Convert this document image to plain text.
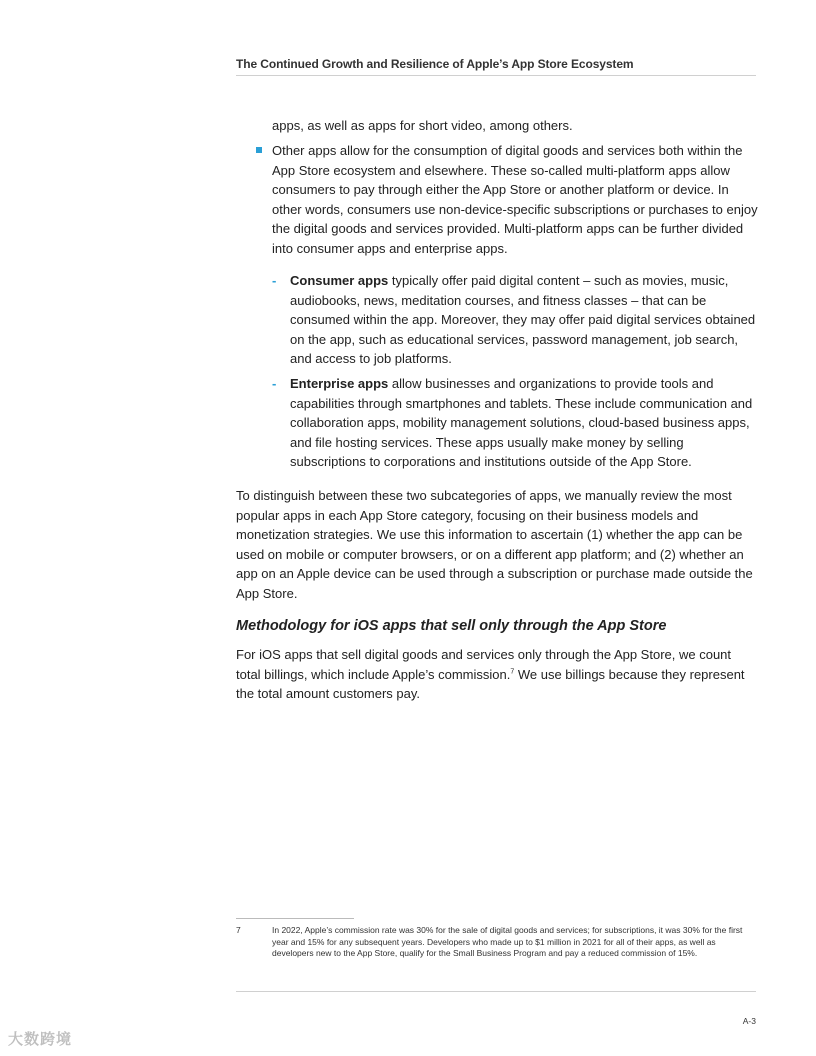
The Continued Growth and Resilience of Apple’s App Store Ecosystem
apps, as well as apps for short video, among others.
Other apps allow for the consumption of digital goods and services both within the App Store ecosystem and elsewhere. These so-called multi-platform apps allow consumers to pay through either the App Store or another platform or device. In other words, consumers use non-device-specific subscriptions or purchases to enjoy the digital goods and services provided. Multi-platform apps can be further divided into consumer apps and enterprise apps.
- Consumer apps typically offer paid digital content – such as movies, music, audiobooks, news, meditation courses, and fitness classes – that can be consumed within the app. Moreover, they may offer paid digital services obtained on the app, such as educational services, password management, job search, and access to job platforms.
- Enterprise apps allow businesses and organizations to provide tools and capabilities through smartphones and tablets. These include communication and collaboration apps, mobility management solutions, cloud-based business apps, and file hosting services. These apps usually make money by selling subscriptions to corporations and institutions outside of the App Store.
To distinguish between these two subcategories of apps, we manually review the most popular apps in each App Store category, focusing on their business models and monetization strategies. We use this information to ascertain (1) whether the app can be used on mobile or computer browsers, or on a different app platform; and (2) whether an app on an Apple device can be used through a subscription or purchase made outside the App Store.
Methodology for iOS apps that sell only through the App Store
For iOS apps that sell digital goods and services only through the App Store, we count total billings, which include Apple’s commission.$^7$ We use billings because they represent the total amount customers pay.
7	In 2022, Apple’s commission rate was 30% for the sale of digital goods and services; for subscriptions, it was 30% for the first year and 15% for any subsequent years. Developers who made up to $1 million in 2021 for all of their apps, as well as developers new to the App Store, qualify for the Small Business Program and pay a reduced commission of 15%.
A-3
大数跨境
